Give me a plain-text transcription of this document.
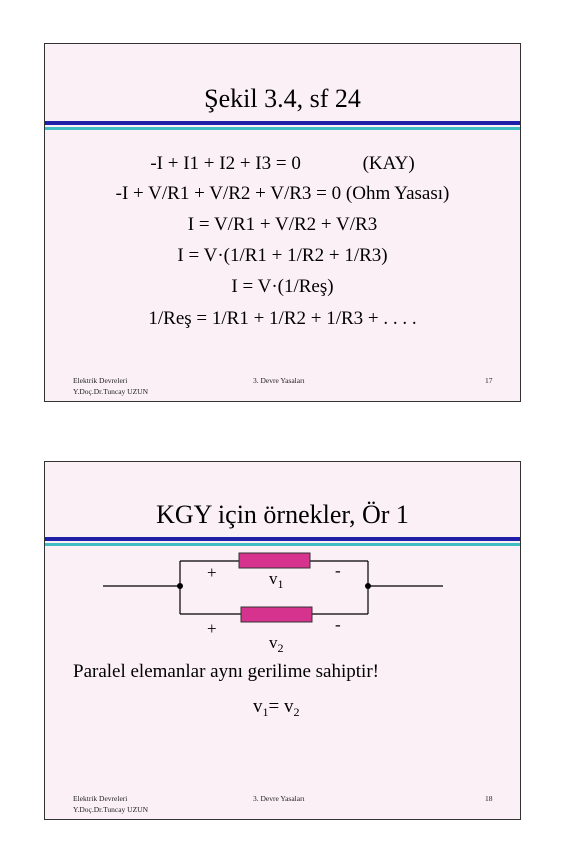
Şekil 3.4, sf 24
-I + I1 + I2 + I3 = 0             (KAY)
-I + V/R1 + V/R2 + V/R3 = 0 (Ohm Yasası)
I = V/R1 + V/R2 + V/R3
I = V·(1/R1 + 1/R2 + 1/R3)
I = V·(1/Reş)
1/Reş = 1/R1 + 1/R2 + 1/R3 + . . . .
Elektrik Devreleri
Y.Doç.Dr.Tuncay UZUN
3. Devre Yasaları	17
KGY için örnekler, Ör 1
+	-
$v_1$
+	-
$v_2$
Paralel elemanlar aynı gerilime sahiptir!
$v_1= v_2$
Elektrik Devreleri
Y.Doç.Dr.Tuncay UZUN
3. Devre Yasaları	18
